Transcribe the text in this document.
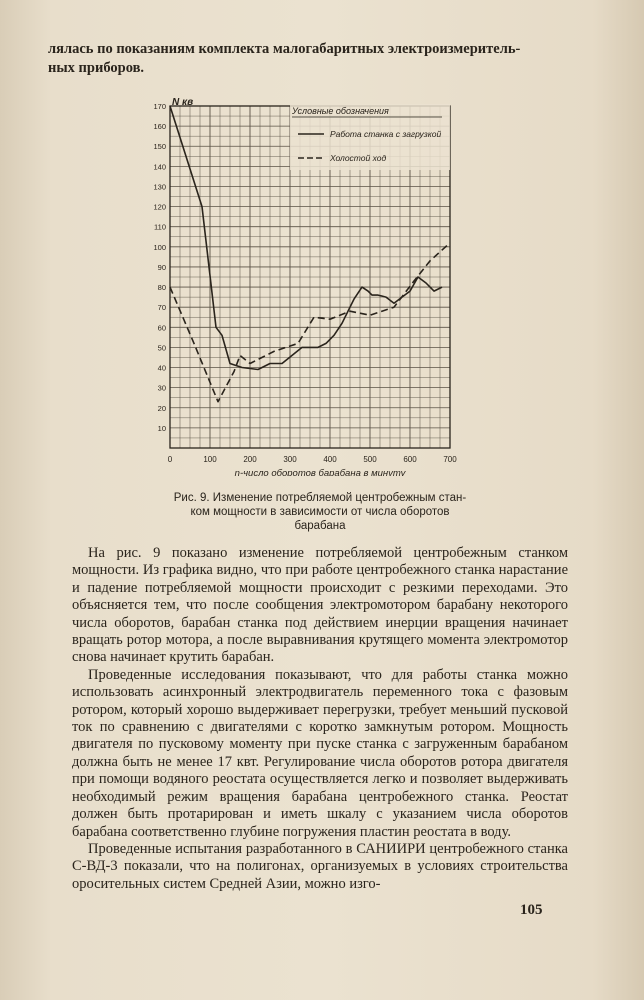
лялась по показаниям комплекта малогабаритных электроизмеритель-

ных приборов.

0	100	200	300	400	500	600	700
10
20
30
40
50
60
70
80
90
100
110
120
130
140
150
160
170 N кв
n-число оборотов барабана в минуту
Условные обозначения
Работа станка с загрузкой
Холостой ход

Рис. 9. Изменение потребляемой центробежным стан-

ком мощности в зависимости от числа оборотов

барабана

На рис. 9 показано изменение потребляемой центробежным станком мощности. Из графика видно, что при работе центробежного станка нарастание и падение потребляемой мощности происходит с резкими переходами. Это объясняется тем, что после сообщения электромотором барабану некоторого числа оборотов, барабан станка под действием инерции вращения начинает вращать ротор мотора, а после выравнивания крутящего момента электромотор снова начинает крутить барабан.

Проведенные исследования показывают, что для работы станка можно использовать асинхронный электродвигатель переменного тока с фазовым ротором, который хорошо выдерживает перегрузки, требует меньший пусковой ток по сравнению с двигателями с коротко замкнутым ротором. Мощность двигателя по пусковому моменту при пуске станка с загруженным барабаном должна быть не менее 17 квт. Регулирование числа оборотов ротора двигателя при помощи водяного реостата осуществляется легко и позволяет выдерживать необходимый режим вращения барабана центробежного станка. Реостат должен быть протарирован и иметь шкалу с указанием числа оборотов барабана соответственно глубине погружения пластин реостата в воду.

Проведенные испытания разработанного в САНИИРИ центробежного станка С-ВД-3 показали, что на полигонах, организуемых в условиях строительства оросительных систем Средней Азии, можно изго-

105
